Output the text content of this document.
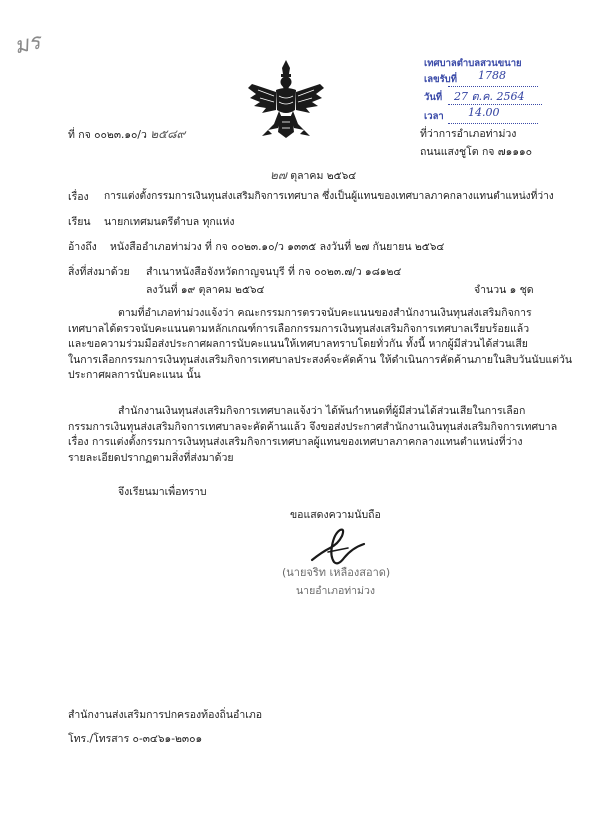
มร
เทศบาลตำบลสวนขนาย
เลขรับที่ 1788
วันที่ 27 ต.ค. 2564
เวลา 14.00
ที่ กจ ๐๐๒๓.๑๐/ว ๒๕๘๙	ที่ว่าการอำเภอท่าม่วง
ถนนแสงชูโต กจ ๗๑๑๑๐
๒๗ ตุลาคม ๒๕๖๔
เรื่อง การแต่งตั้งกรรมการเงินทุนส่งเสริมกิจการเทศบาล ซึ่งเป็นผู้แทนของเทศบาลภาคกลางแทนตำแหน่งที่ว่าง
เรียน นายกเทศมนตรีตำบล ทุกแห่ง
อ้างถึง หนังสืออำเภอท่าม่วง ที่ กจ ๐๐๒๓.๑๐/ว ๑๓๓๕ ลงวันที่ ๒๗ กันยายน ๒๕๖๔
สิ่งที่ส่งมาด้วย สำเนาหนังสือจังหวัดกาญจนบุรี ที่ กจ ๐๐๒๓.๗/ว ๑๘๑๒๔
ลงวันที่ ๑๙ ตุลาคม ๒๕๖๔	จำนวน ๑ ชุด
ตามที่อำเภอท่าม่วงแจ้งว่า คณะกรรมการตรวจนับคะแนนของสำนักงานเงินทุนส่งเสริมกิจการ
เทศบาลได้ตรวจนับคะแนนตามหลักเกณฑ์การเลือกกรรมการเงินทุนส่งเสริมกิจการเทศบาลเรียบร้อยแล้ว
และขอความร่วมมือส่งประกาศผลการนับคะแนนให้เทศบาลทราบโดยทั่วกัน ทั้งนี้ หากผู้มีส่วนได้ส่วนเสีย
ในการเลือกกรรมการเงินทุนส่งเสริมกิจการเทศบาลประสงค์จะคัดค้าน ให้ดำเนินการคัดค้านภายในสิบวันนับแต่วัน
ประกาศผลการนับคะแนน นั้น
สำนักงานเงินทุนส่งเสริมกิจการเทศบาลแจ้งว่า ได้พ้นกำหนดที่ผู้มีส่วนได้ส่วนเสียในการเลือก
กรรมการเงินทุนส่งเสริมกิจการเทศบาลจะคัดค้านแล้ว จึงขอส่งประกาศสำนักงานเงินทุนส่งเสริมกิจการเทศบาล
เรื่อง การแต่งตั้งกรรมการเงินทุนส่งเสริมกิจการเทศบาลผู้แทนของเทศบาลภาคกลางแทนตำแหน่งที่ว่าง
รายละเอียดปรากฏตามสิ่งที่ส่งมาด้วย
จึงเรียนมาเพื่อทราบ
ขอแสดงความนับถือ
(นายจริท เหลืองสอาด)
นายอำเภอท่าม่วง
สำนักงานส่งเสริมการปกครองท้องถิ่นอำเภอ
โทร./โทรสาร ๐-๓๔๖๑-๒๓๐๑
